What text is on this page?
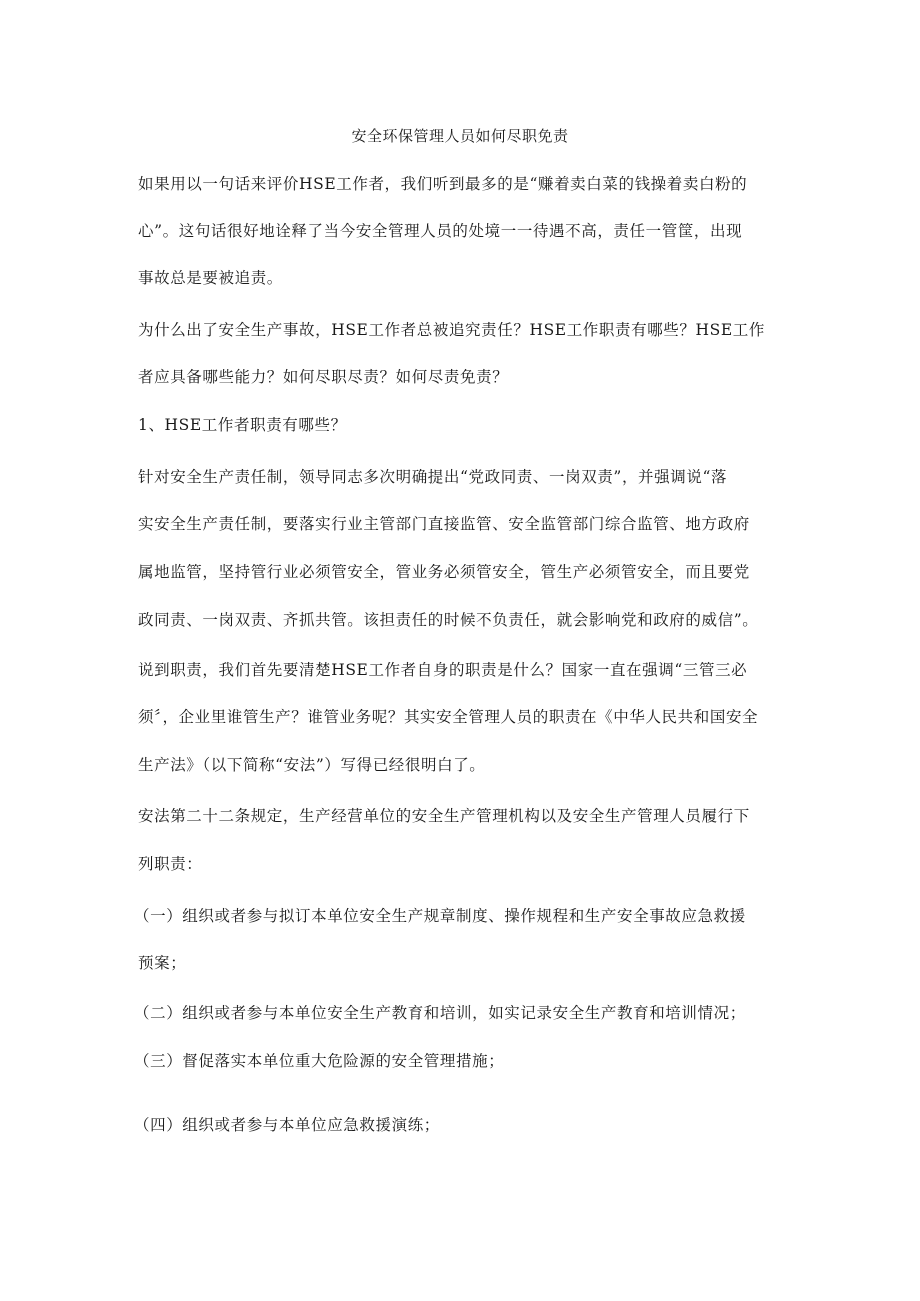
安全环保管理人员如何尽职免责
如果用以一句话来评价HSE工作者，我们听到最多的是“赚着卖白菜的钱操着卖白粉的
心”。这句话很好地诠释了当今安全管理人员的处境一一待遇不高，责任一管筐，出现
事故总是要被追责。
为什么出了安全生产事故，HSE工作者总被追究责任？HSE工作职责有哪些？HSE工作
者应具备哪些能力？如何尽职尽责？如何尽责免责？
1、HSE工作者职责有哪些？
针对安全生产责任制，领导同志多次明确提出“党政同责、一岗双责”，并强调说“落
实安全生产责任制，要落实行业主管部门直接监管、安全监管部门综合监管、地方政府
属地监管，坚持管行业必须管安全，管业务必须管安全，管生产必须管安全，而且要党
政同责、一岗双责、齐抓共管。该担责任的时候不负责任，就会影响党和政府的威信”。
说到职责，我们首先要清楚HSE工作者自身的职责是什么？国家一直在强调“三管三必
须〞，企业里谁管生产？谁管业务呢？其实安全管理人员的职责在《中华人民共和国安全
生产法》（以下简称“安法”）写得已经很明白了。
安法第二十二条规定，生产经营单位的安全生产管理机构以及安全生产管理人员履行下
列职责：
（一）组织或者参与拟订本单位安全生产规章制度、操作规程和生产安全事故应急救援
预案；
（二）组织或者参与本单位安全生产教育和培训，如实记录安全生产教育和培训情况；
（三）督促落实本单位重大危险源的安全管理措施；
（四）组织或者参与本单位应急救援演练；
